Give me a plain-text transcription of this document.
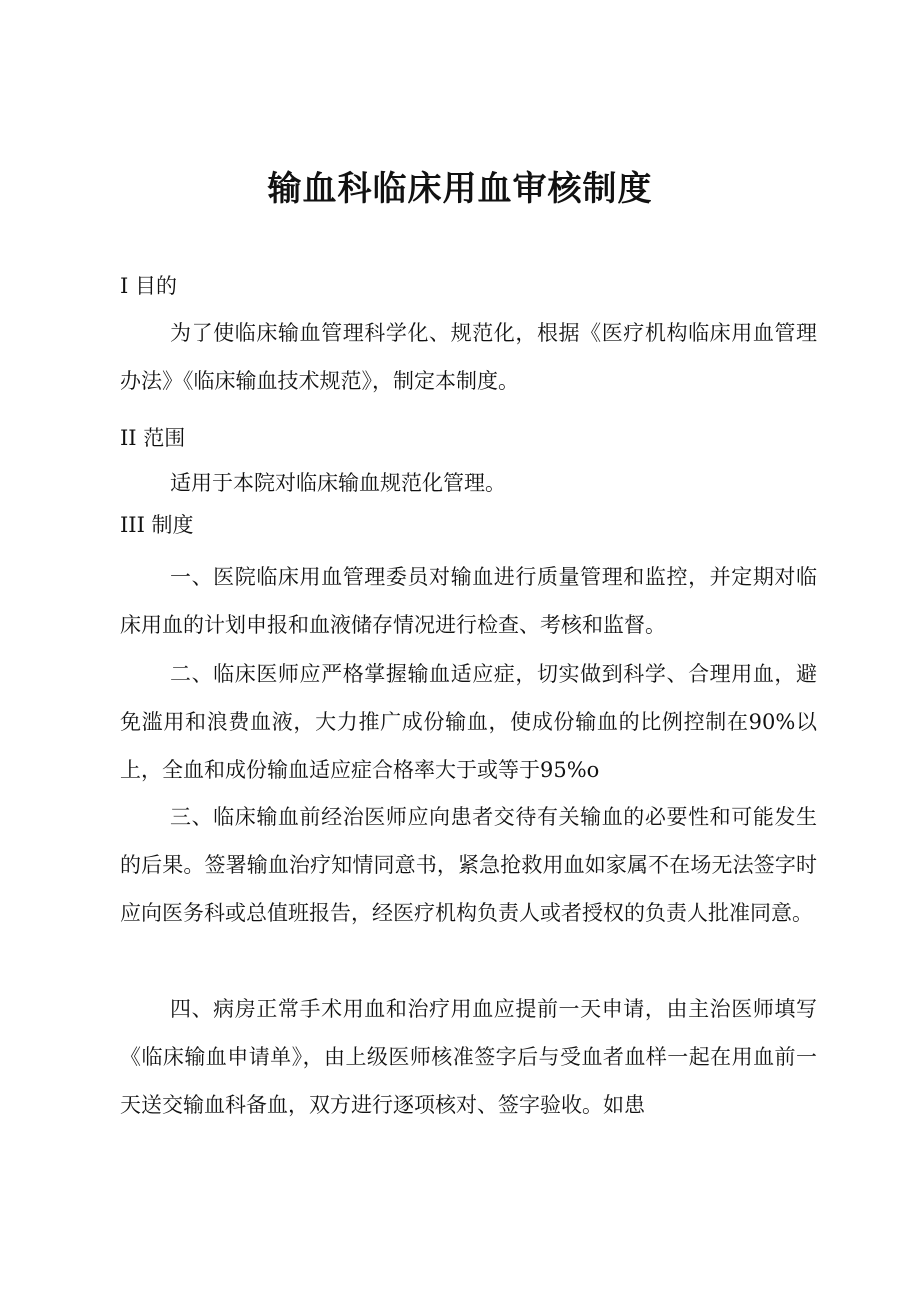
输血科临床用血审核制度
I 目的

为了使临床输血管理科学化、规范化，根据《医疗机构临床用血管理办法》《临床输血技术规范》，制定本制度。

II 范围

适用于本院对临床输血规范化管理。

III 制度

一、医院临床用血管理委员对输血进行质量管理和监控，并定期对临床用血的计划申报和血液储存情况进行检查、考核和监督。

二、临床医师应严格掌握输血适应症，切实做到科学、合理用血，避免滥用和浪费血液，大力推广成份输血，使成份输血的比例控制在90%以上，全血和成份输血适应症合格率大于或等于95%o

三、临床输血前经治医师应向患者交待有关输血的必要性和可能发生的后果。签署输血治疗知情同意书，紧急抢救用血如家属不在场无法签字时应向医务科或总值班报告，经医疗机构负责人或者授权的负责人批准同意。

四、病房正常手术用血和治疗用血应提前一天申请，由主治医师填写《临床输血申请单》，由上级医师核准签字后与受血者血样一起在用血前一天送交输血科备血，双方进行逐项核对、签字验收。如患
